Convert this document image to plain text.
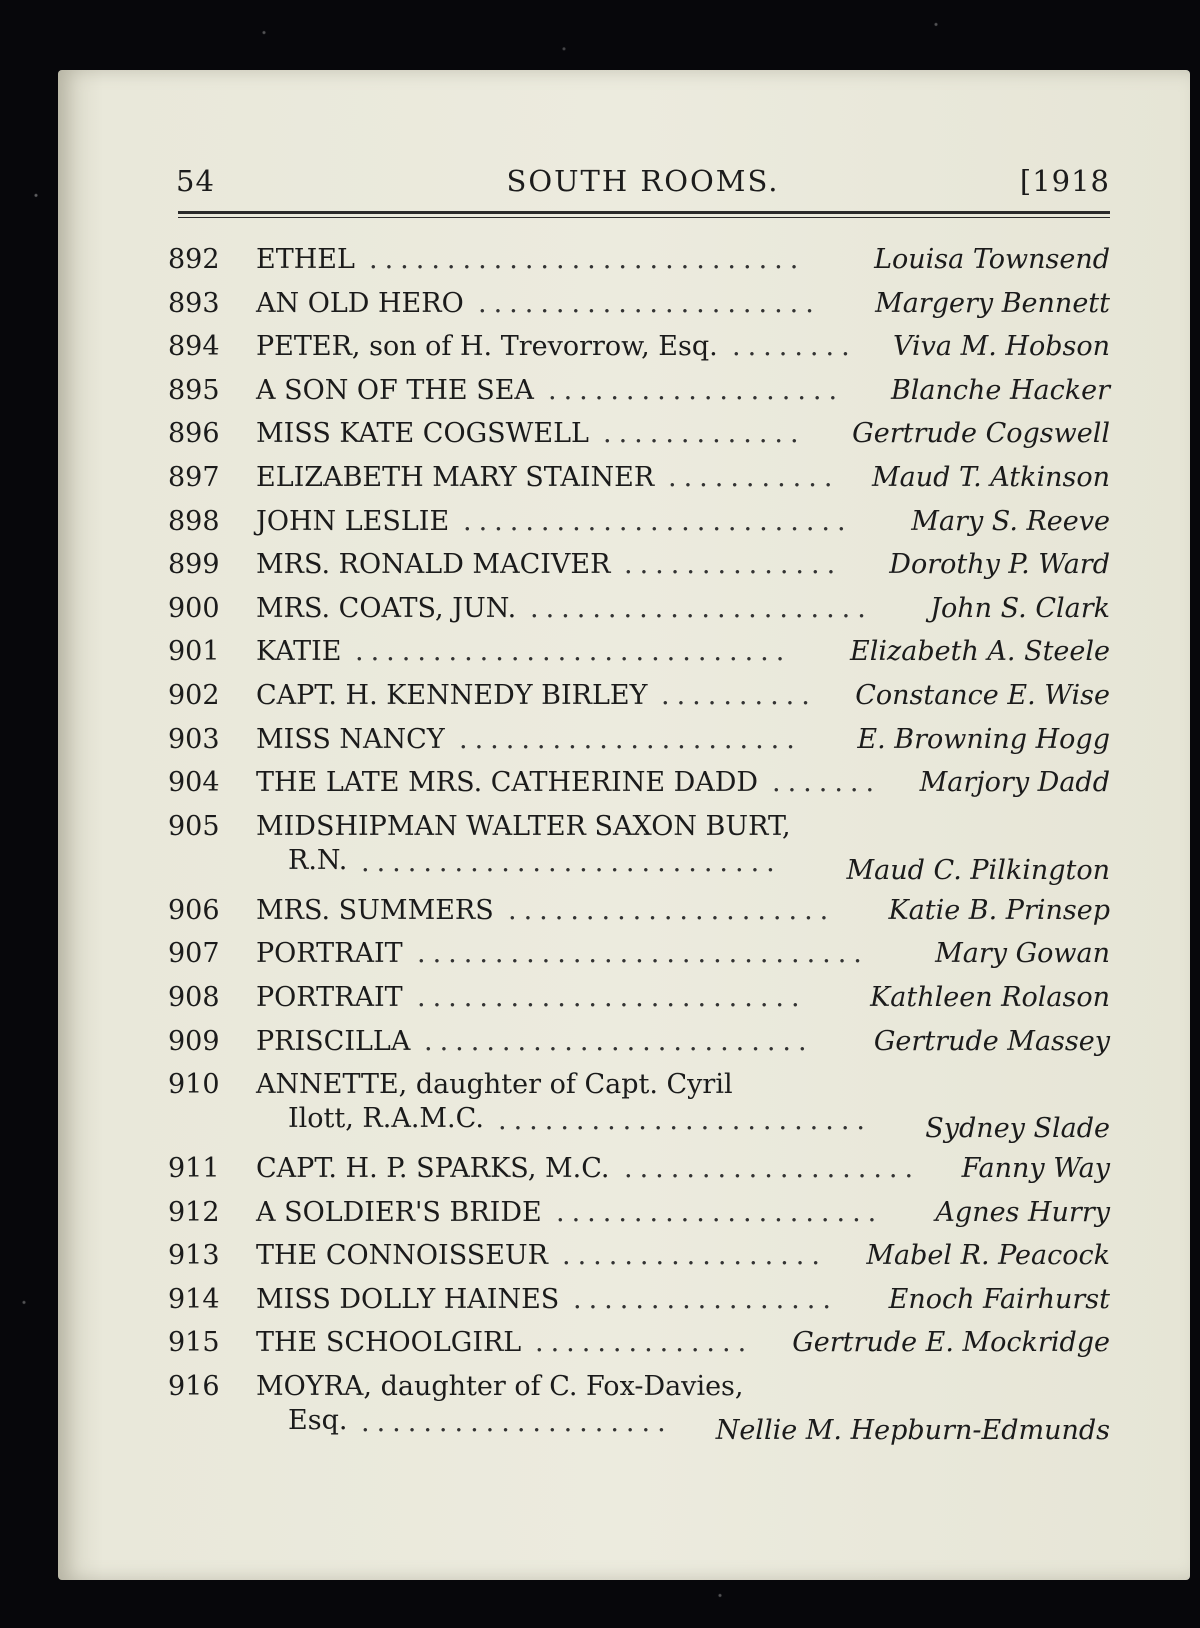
54	SOUTH ROOMS.	[1918
892 ETHEL ............................	Louisa Townsend
893 AN OLD HERO ......................	Margery Bennett
894 PETER, son of H. Trevorrow, Esq. ........	Viva M. Hobson
895 A SON OF THE SEA ...................	Blanche Hacker
896 MISS KATE COGSWELL .............	Gertrude Cogswell
897 ELIZABETH MARY STAINER ...........	Maud T. Atkinson
898 JOHN LESLIE .........................	Mary S. Reeve
899 MRS. RONALD MACIVER ..............	Dorothy P. Ward
900 MRS. COATS, JUN. ......................	John S. Clark
901 KATIE ............................	Elizabeth A. Steele
902 CAPT. H. KENNEDY BIRLEY ..........	Constance E. Wise
903 MISS NANCY ......................	E. Browning Hogg
904 THE LATE MRS. CATHERINE DADD .......	Marjory Dadd
905 MIDSHIPMAN WALTER SAXON BURT,
R.N. ...........................	Maud C. Pilkington
906 MRS. SUMMERS .....................	Katie B. Prinsep
907 PORTRAIT .............................	Mary Gowan
908 PORTRAIT .........................	Kathleen Rolason
909 PRISCILLA .........................	Gertrude Massey
910 ANNETTE, daughter of Capt. Cyril
Ilott, R.A.M.C. ........................	Sydney Slade
911 CAPT. H. P. SPARKS, M.C. ...................	Fanny Way
912 A SOLDIER'S BRIDE .....................	Agnes Hurry
913 THE CONNOISSEUR .................	Mabel R. Peacock
914 MISS DOLLY HAINES .................	Enoch Fairhurst
915 THE SCHOOLGIRL ..............	Gertrude E. Mockridge
916 MOYRA, daughter of C. Fox-Davies,
Esq. ....................	Nellie M. Hepburn-Edmunds
